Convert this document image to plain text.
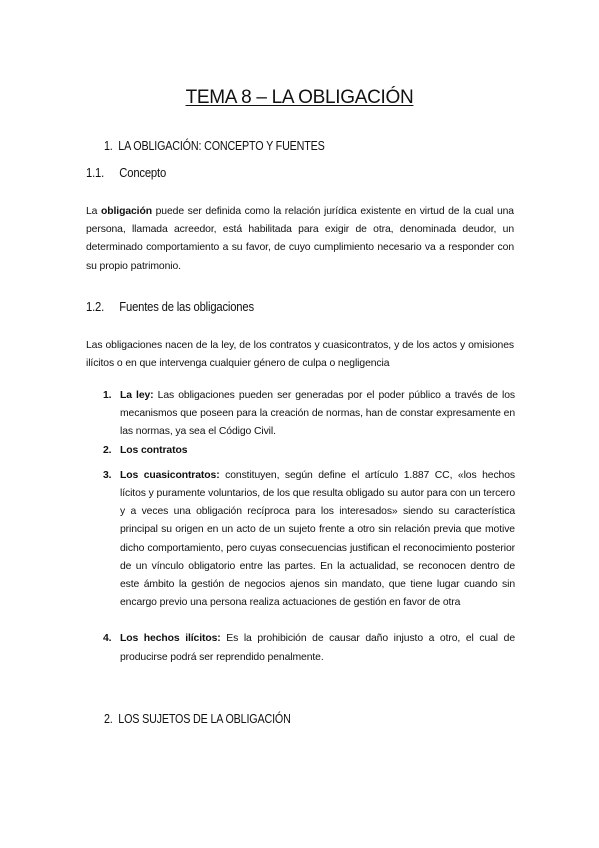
TEMA 8 – LA OBLIGACIÓN
1. LA OBLIGACIÓN: CONCEPTO Y FUENTES
1.1. Concepto
La obligación puede ser definida como la relación jurídica existente en virtud de la cual una persona, llamada acreedor, está habilitada para exigir de otra, denominada deudor, un determinado comportamiento a su favor, de cuyo cumplimiento necesario va a responder con su propio patrimonio.
1.2. Fuentes de las obligaciones
Las obligaciones nacen de la ley, de los contratos y cuasicontratos, y de los actos y omisiones ilícitos o en que intervenga cualquier género de culpa o negligencia
1. La ley: Las obligaciones pueden ser generadas por el poder público a través de los mecanismos que poseen para la creación de normas, han de constar expresamente en las normas, ya sea el Código Civil.
2. Los contratos
3. Los cuasicontratos: constituyen, según define el artículo 1.887 CC, «los hechos lícitos y puramente voluntarios, de los que resulta obligado su autor para con un tercero y a veces una obligación recíproca para los interesados» siendo su característica principal su origen en un acto de un sujeto frente a otro sin relación previa que motive dicho comportamiento, pero cuyas consecuencias justifican el reconocimiento posterior de un vínculo obligatorio entre las partes. En la actualidad, se reconocen dentro de este ámbito la gestión de negocios ajenos sin mandato, que tiene lugar cuando sin encargo previo una persona realiza actuaciones de gestión en favor de otra
4. Los hechos ilícitos: Es la prohibición de causar daño injusto a otro, el cual de producirse podrá ser reprendido penalmente.
2. LOS SUJETOS DE LA OBLIGACIÓN
